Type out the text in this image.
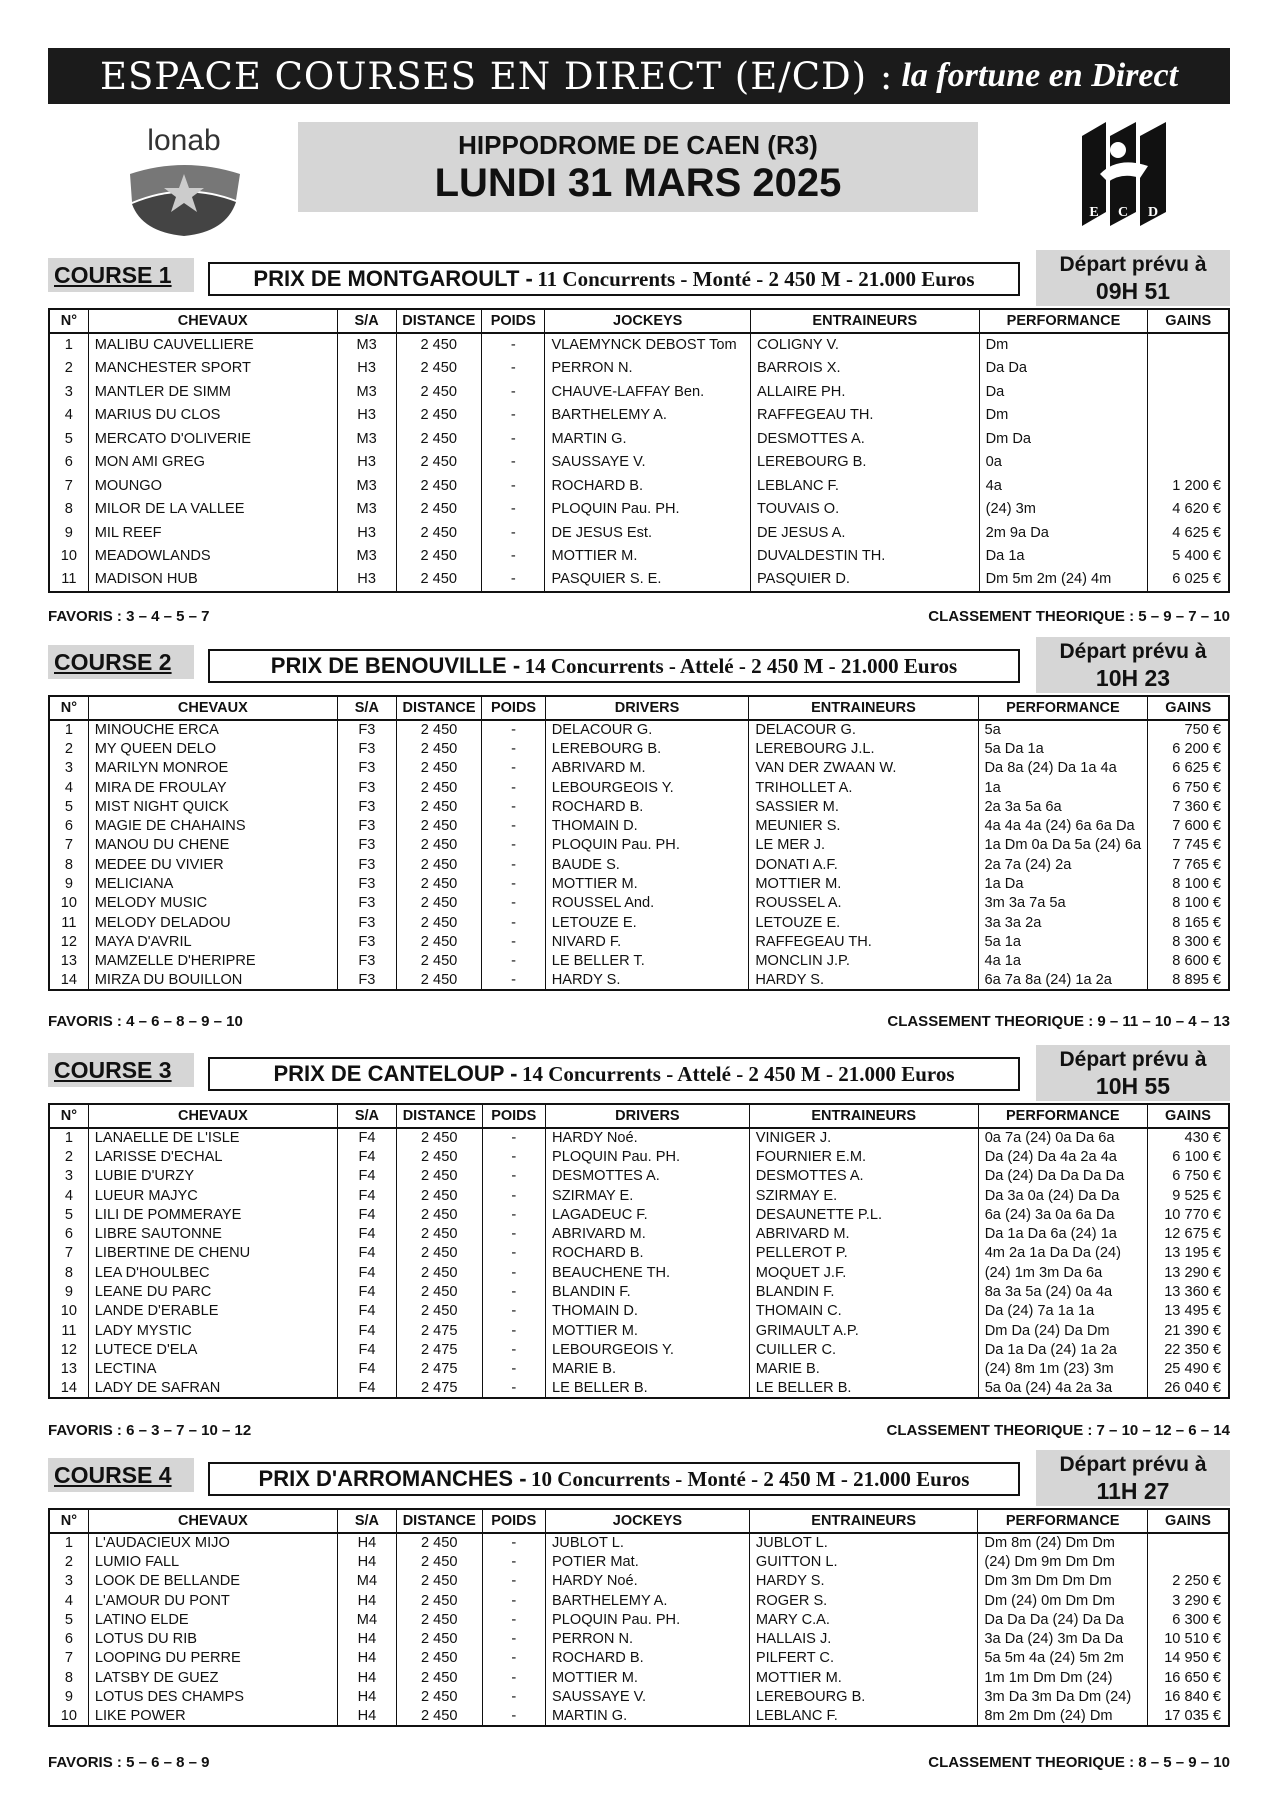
ESPACE COURSES EN DIRECT (E/CD) : la fortune en Direct
lonab	HIPPODROME DE CAEN (R3)
LUNDI 31 MARS 2025
E C D
COURSE 1	PRIX DE MONTGAROULT - 11 Concurrents - Monté - 2 450 M - 21.000 Euros
Départ prévu à
09H 51
N°	CHEVAUX	S/A	DISTANCE	POIDS	JOCKEYS	ENTRAINEURS	PERFORMANCE	GAINS
1	MALIBU CAUVELLIERE	M3	2 450	-	VLAEMYNCK DEBOST Tom	COLIGNY V.	Dm	
2	MANCHESTER SPORT	H3	2 450	-	PERRON N.	BARROIS X.	Da Da	
3	MANTLER DE SIMM	M3	2 450	-	CHAUVE-LAFFAY Ben.	ALLAIRE PH.	Da	
4	MARIUS DU CLOS	H3	2 450	-	BARTHELEMY A.	RAFFEGEAU TH.	Dm	
5	MERCATO D'OLIVERIE	M3	2 450	-	MARTIN G.	DESMOTTES A.	Dm Da	
6	MON AMI GREG	H3	2 450	-	SAUSSAYE V.	LEREBOURG B.	0a	
7	MOUNGO	M3	2 450	-	ROCHARD B.	LEBLANC F.	4a	1 200 €
8	MILOR DE LA VALLEE	M3	2 450	-	PLOQUIN Pau. PH.	TOUVAIS O.	(24) 3m	4 620 €
9	MIL REEF	H3	2 450	-	DE JESUS Est.	DE JESUS A.	2m 9a Da	4 625 €
10	MEADOWLANDS	M3	2 450	-	MOTTIER M.	DUVALDESTIN TH.	Da 1a	5 400 €
11	MADISON HUB	H3	2 450	-	PASQUIER S. E.	PASQUIER D.	Dm 5m 2m (24) 4m	6 025 €
FAVORIS : 3 – 4 – 5 – 7	CLASSEMENT THEORIQUE : 5 – 9 – 7 – 10
COURSE 2	PRIX DE BENOUVILLE - 14 Concurrents - Attelé - 2 450 M - 21.000 Euros
Départ prévu à
10H 23
N°	CHEVAUX	S/A	DISTANCE	POIDS	DRIVERS	ENTRAINEURS	PERFORMANCE	GAINS
1	MINOUCHE ERCA	F3	2 450	-	DELACOUR G.	DELACOUR G.	5a	750 €
2	MY QUEEN DELO	F3	2 450	-	LEREBOURG B.	LEREBOURG J.L.	5a Da 1a	6 200 €
3	MARILYN MONROE	F3	2 450	-	ABRIVARD M.	VAN DER ZWAAN W.	Da 8a (24) Da 1a 4a	6 625 €
4	MIRA DE FROULAY	F3	2 450	-	LEBOURGEOIS Y.	TRIHOLLET A.	1a	6 750 €
5	MIST NIGHT QUICK	F3	2 450	-	ROCHARD B.	SASSIER M.	2a 3a 5a 6a	7 360 €
6	MAGIE DE CHAHAINS	F3	2 450	-	THOMAIN D.	MEUNIER S.	4a 4a 4a (24) 6a 6a Da	7 600 €
7	MANOU DU CHENE	F3	2 450	-	PLOQUIN Pau. PH.	LE MER J.	1a Dm 0a Da 5a (24) 6a	7 745 €
8	MEDEE DU VIVIER	F3	2 450	-	BAUDE S.	DONATI A.F.	2a 7a (24) 2a	7 765 €
9	MELICIANA	F3	2 450	-	MOTTIER M.	MOTTIER M.	1a Da	8 100 €
10	MELODY MUSIC	F3	2 450	-	ROUSSEL And.	ROUSSEL A.	3m 3a 7a 5a	8 100 €
11	MELODY DELADOU	F3	2 450	-	LETOUZE E.	LETOUZE E.	3a 3a 2a	8 165 €
12	MAYA D'AVRIL	F3	2 450	-	NIVARD F.	RAFFEGEAU TH.	5a 1a	8 300 €
13	MAMZELLE D'HERIPRE	F3	2 450	-	LE BELLER T.	MONCLIN J.P.	4a 1a	8 600 €
14	MIRZA DU BOUILLON	F3	2 450	-	HARDY S.	HARDY S.	6a 7a 8a (24) 1a 2a	8 895 €
FAVORIS : 4 – 6 – 8 – 9 – 10	CLASSEMENT THEORIQUE : 9 – 11 – 10 – 4 – 13
COURSE 3	PRIX DE CANTELOUP - 14 Concurrents - Attelé - 2 450 M - 21.000 Euros
Départ prévu à
10H 55
N°	CHEVAUX	S/A	DISTANCE	POIDS	DRIVERS	ENTRAINEURS	PERFORMANCE	GAINS
1	LANAELLE DE L'ISLE	F4	2 450	-	HARDY Noé.	VINIGER J.	0a 7a (24) 0a Da 6a	430 €
2	LARISSE D'ECHAL	F4	2 450	-	PLOQUIN Pau. PH.	FOURNIER E.M.	Da (24) Da 4a 2a 4a	6 100 €
3	LUBIE D'URZY	F4	2 450	-	DESMOTTES A.	DESMOTTES A.	Da (24) Da Da Da Da	6 750 €
4	LUEUR MAJYC	F4	2 450	-	SZIRMAY E.	SZIRMAY E.	Da 3a 0a (24) Da Da	9 525 €
5	LILI DE POMMERAYE	F4	2 450	-	LAGADEUC F.	DESAUNETTE P.L.	6a (24) 3a 0a 6a Da	10 770 €
6	LIBRE SAUTONNE	F4	2 450	-	ABRIVARD M.	ABRIVARD M.	Da 1a Da 6a (24) 1a	12 675 €
7	LIBERTINE DE CHENU	F4	2 450	-	ROCHARD B.	PELLEROT P.	4m 2a 1a Da Da (24)	13 195 €
8	LEA D'HOULBEC	F4	2 450	-	BEAUCHENE TH.	MOQUET J.F.	(24) 1m 3m Da 6a	13 290 €
9	LEANE DU PARC	F4	2 450	-	BLANDIN F.	BLANDIN F.	8a 3a 5a (24) 0a 4a	13 360 €
10	LANDE D'ERABLE	F4	2 450	-	THOMAIN D.	THOMAIN C.	Da (24) 7a 1a 1a	13 495 €
11	LADY MYSTIC	F4	2 475	-	MOTTIER M.	GRIMAULT A.P.	Dm Da (24) Da Dm	21 390 €
12	LUTECE D'ELA	F4	2 475	-	LEBOURGEOIS Y.	CUILLER C.	Da 1a Da (24) 1a 2a	22 350 €
13	LECTINA	F4	2 475	-	MARIE B.	MARIE B.	(24) 8m 1m (23) 3m	25 490 €
14	LADY DE SAFRAN	F4	2 475	-	LE BELLER B.	LE BELLER B.	5a 0a (24) 4a 2a 3a	26 040 €
FAVORIS : 6 – 3 – 7 – 10 – 12	CLASSEMENT THEORIQUE : 7 – 10 – 12 – 6 – 14
COURSE 4	PRIX D'ARROMANCHES - 10 Concurrents - Monté - 2 450 M - 21.000 Euros
Départ prévu à
11H 27
N°	CHEVAUX	S/A	DISTANCE	POIDS	JOCKEYS	ENTRAINEURS	PERFORMANCE	GAINS
1	L'AUDACIEUX MIJO	H4	2 450	-	JUBLOT L.	JUBLOT L.	Dm 8m (24) Dm Dm	
2	LUMIO FALL	H4	2 450	-	POTIER Mat.	GUITTON L.	(24) Dm 9m Dm Dm	
3	LOOK DE BELLANDE	M4	2 450	-	HARDY Noé.	HARDY S.	Dm 3m Dm Dm Dm	2 250 €
4	L'AMOUR DU PONT	H4	2 450	-	BARTHELEMY A.	ROGER S.	Dm (24) 0m Dm Dm	3 290 €
5	LATINO ELDE	M4	2 450	-	PLOQUIN Pau. PH.	MARY C.A.	Da Da Da (24) Da Da	6 300 €
6	LOTUS DU RIB	H4	2 450	-	PERRON N.	HALLAIS J.	3a Da (24) 3m Da Da	10 510 €
7	LOOPING DU PERRE	H4	2 450	-	ROCHARD B.	PILFERT C.	5a 5m 4a (24) 5m 2m	14 950 €
8	LATSBY DE GUEZ	H4	2 450	-	MOTTIER M.	MOTTIER M.	1m 1m Dm Dm (24)	16 650 €
9	LOTUS DES CHAMPS	H4	2 450	-	SAUSSAYE V.	LEREBOURG B.	3m Da 3m Da Dm (24)	16 840 €
10	LIKE POWER	H4	2 450	-	MARTIN G.	LEBLANC F.	8m 2m Dm (24) Dm	17 035 €
FAVORIS : 5 – 6 – 8 – 9	CLASSEMENT THEORIQUE : 8 – 5 – 9 – 10
